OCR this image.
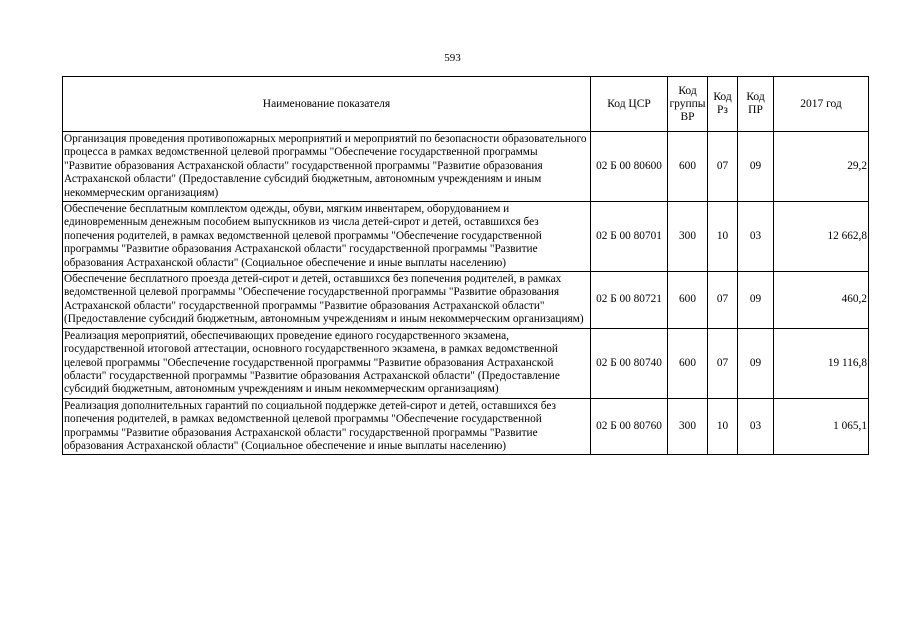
593
Наименование показателя	Код ЦСР	Код группы ВР	Код Рз	Код ПР	2017 год
Организация проведения противопожарных мероприятий и мероприятий по безопасности образовательного процесса в рамках ведомственной целевой программы "Обеспечение государственной программы "Развитие образования Астраханской области" государственной программы "Развитие образования Астраханской области" (Предоставление субсидий бюджетным, автономным учреждениям и иным некоммерческим организациям)	02 Б 00 80600	600	07	09	29,2
Обеспечение бесплатным комплектом одежды, обуви, мягким инвентарем, оборудованием и единовременным денежным пособием выпускников из числа детей-сирот и детей, оставшихся без попечения родителей, в рамках ведомственной целевой программы "Обеспечение государственной программы "Развитие образования Астраханской области" государственной программы "Развитие образования Астраханской области" (Социальное обеспечение и иные выплаты населению)	02 Б 00 80701	300	10	03	12 662,8
Обеспечение бесплатного проезда детей-сирот и детей, оставшихся без попечения родителей, в рамках ведомственной целевой программы "Обеспечение государственной программы "Развитие образования Астраханской области" государственной программы "Развитие образования Астраханской области" (Предоставление субсидий бюджетным, автономным учреждениям и иным некоммерческим организациям)	02 Б 00 80721	600	07	09	460,2
Реализация мероприятий, обеспечивающих проведение единого государственного экзамена, государственной итоговой аттестации, основного государственного экзамена, в рамках ведомственной целевой программы "Обеспечение государственной программы "Развитие образования Астраханской области" государственной программы "Развитие образования Астраханской области" (Предоставление субсидий бюджетным, автономным учреждениям и иным некоммерческим организациям)	02 Б 00 80740	600	07	09	19 116,8
Реализация дополнительных гарантий по социальной поддержке детей-сирот и детей, оставшихся без попечения родителей, в рамках ведомственной целевой программы "Обеспечение государственной программы "Развитие образования Астраханской области" государственной программы "Развитие образования Астраханской области" (Социальное обеспечение и иные выплаты населению)	02 Б 00 80760	300	10	03	1 065,1
